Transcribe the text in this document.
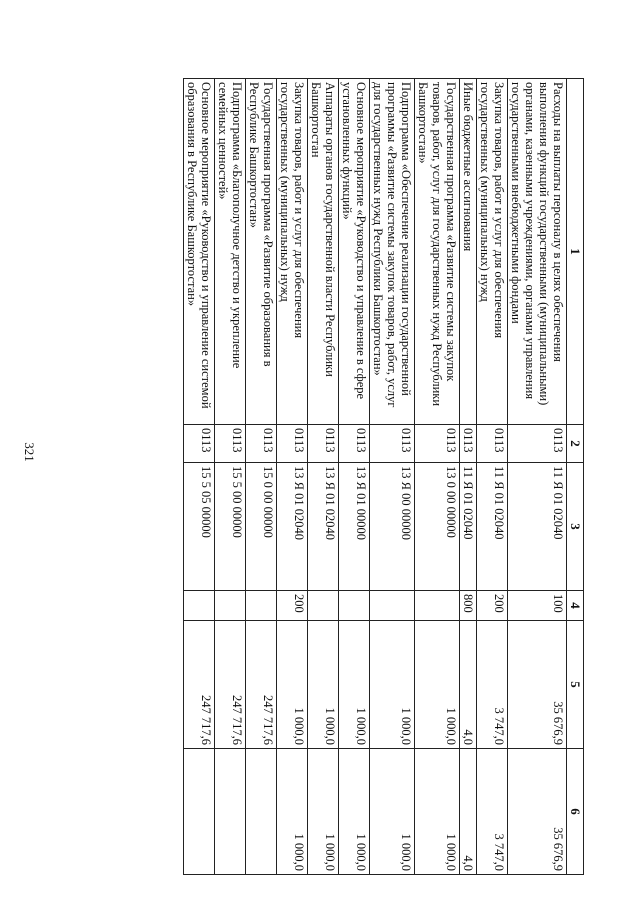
321
1	2	3	4	5	6
Расходы на выплаты персоналу в целях обеспечения выполнения функций государственными (муниципальными) органами, казенными учреждениями, органами управления государственными внебюджетными фондами	0113	11 Я 01 02040	100	35 676,9	35 676,9
Закупка товаров, работ и услуг для обеспечения государственных (муниципальных) нужд	0113	11 Я 01 02040	200	3 747,0	3 747,0
Иные бюджетные ассигнования	0113	11 Я 01 02040	800	4,0	4,0
Государственная программа «Развитие системы закупок товаров, работ, услуг для государственных нужд Республики Башкортостан»	0113	13 0 00 00000		1 000,0	1 000,0
Подпрограмма «Обеспечение реализации государственной программы «Развитие системы закупок товаров, работ, услуг для государственных нужд Республики Башкортостан»	0113	13 Я 00 00000		1 000,0	1 000,0
Основное мероприятие «Руководство и управление в сфере установленных функций»	0113	13 Я 01 00000		1 000,0	1 000,0
Аппараты органов государственной власти Республики Башкортостан	0113	13 Я 01 02040		1 000,0	1 000,0
Закупка товаров, работ и услуг для обеспечения государственных (муниципальных) нужд	0113	13 Я 01 02040	200	1 000,0	1 000,0
Государственная программа «Развитие образования в Республике Башкортостан»	0113	15 0 00 00000		247 717,6	
Подпрограмма «Благополучное детство и укрепление семейных ценностей»	0113	15 5 00 00000		247 717,6	
Основное мероприятие «Руководство и управление системой образования в Республике Башкортостан»	0113	15 5 05 00000		247 717,6	
